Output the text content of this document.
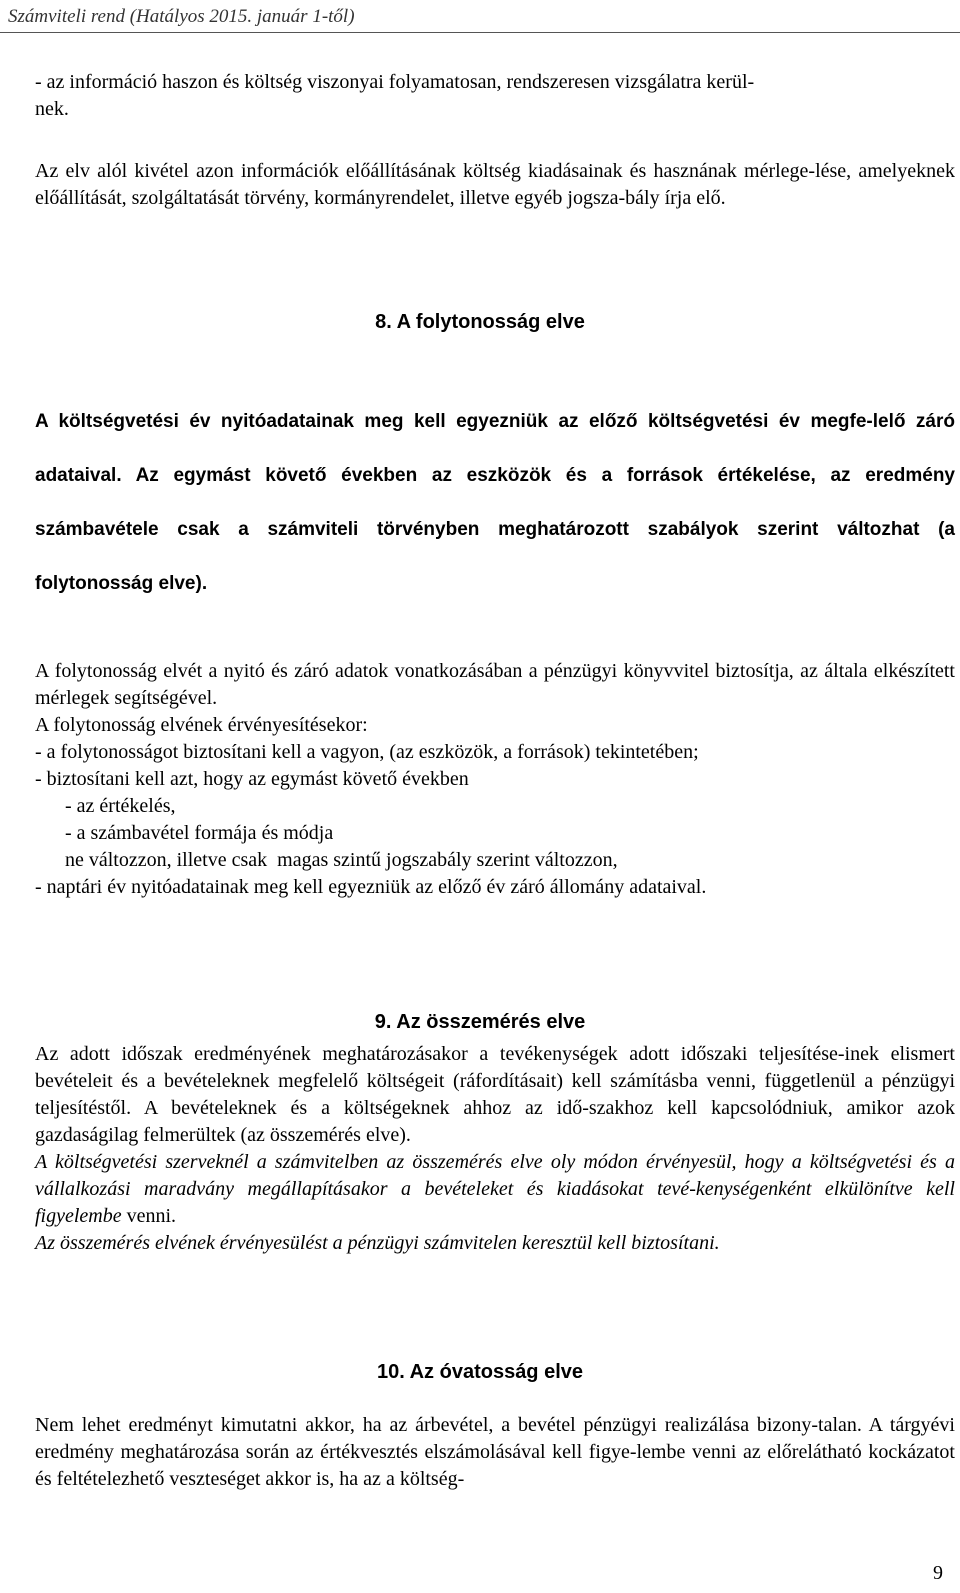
Számviteli rend (Hatályos 2015. január 1-től)
- az információ haszon és költség viszonyai folyamatosan, rendszeresen vizsgálatra kerül-
nek.

Az elv alól kivétel azon információk előállításának költség kiadásainak és hasznának mérlege-lése, amelyeknek előállítását, szolgáltatását törvény, kormányrendelet, illetve egyéb jogsza-bály írja elő.

8. A folytonosság elve

A költségvetési év nyitóadatainak meg kell egyezniük az előző költségvetési év megfe-lelő záró adataival. Az egymást követő években az eszközök és a források értékelése, az eredmény számbavétele csak a számviteli törvényben meghatározott szabályok szerint változhat (a folytonosság elve).

A folytonosság elvét a nyitó és záró adatok vonatkozásában a pénzügyi könyvvitel biztosítja, az általa elkészített mérlegek segítségével.

A folytonosság elvének érvényesítésekor:
- a folytonosságot biztosítani kell a vagyon, (az eszközök, a források) tekintetében;
- biztosítani kell azt, hogy az egymást követő években
- az értékelés,
- a számbavétel formája és módja
ne változzon, illetve csak  magas szintű jogszabály szerint változzon,
- naptári év nyitóadatainak meg kell egyezniük az előző év záró állomány adataival.
9. Az összemérés elve

Az adott időszak eredményének meghatározásakor a tevékenységek adott időszaki teljesítése-inek elismert bevételeit és a bevételeknek megfelelő költségeit (ráfordításait) kell számításba venni, függetlenül a pénzügyi teljesítéstől. A bevételeknek és a költségeknek ahhoz az idő-szakhoz kell kapcsolódniuk, amikor azok gazdaságilag felmerültek (az összemérés elve).

A költségvetési szerveknél a számvitelben az összemérés elve oly módon érvényesül, hogy a költségvetési és a vállalkozási maradvány megállapításakor a bevételeket és kiadásokat tevé-kenységenként elkülönítve kell figyelembe venni.

Az összemérés elvének érvényesülést a pénzügyi számvitelen keresztül kell biztosítani.

10. Az óvatosság elve

Nem lehet eredményt kimutatni akkor, ha az árbevétel, a bevétel pénzügyi realizálása bizony-talan. A tárgyévi eredmény meghatározása során az értékvesztés elszámolásával kell figye-lembe venni az előrelátható kockázatot és feltételezhető veszteséget akkor is, ha az a költség-

9
